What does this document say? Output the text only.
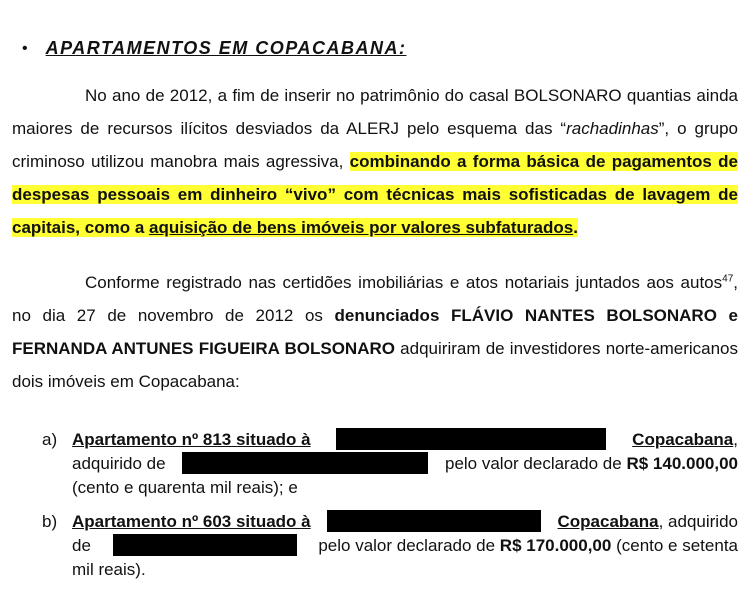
• APARTAMENTOS EM COPACABANA:
No ano de 2012, a fim de inserir no patrimônio do casal BOLSONARO quantias ainda maiores de recursos ilícitos desviados da ALERJ pelo esquema das “rachadinhas”, o grupo criminoso utilizou manobra mais agressiva, combinando a forma básica de pagamentos de despesas pessoais em dinheiro “vivo” com técnicas mais sofisticadas de lavagem de capitais, como a aquisição de bens imóveis por valores subfaturados.
Conforme registrado nas certidões imobiliárias e atos notariais juntados aos autos$^{47}$, no dia 27 de novembro de 2012 os denunciados FLÁVIO NANTES BOLSONARO e FERNANDA ANTUNES FIGUEIRA BOLSONARO adquiriram de investidores norte-americanos dois imóveis em Copacabana:
a) Apartamento nº 813 situado à	Copacabana,
adquirido de	pelo valor declarado de R$ 140.000,00
(cento e quarenta mil reais); e
b) Apartamento nº 603 situado à	Copacabana, adquirido
de	pelo valor declarado de R$ 170.000,00 (cento e setenta
mil reais).
